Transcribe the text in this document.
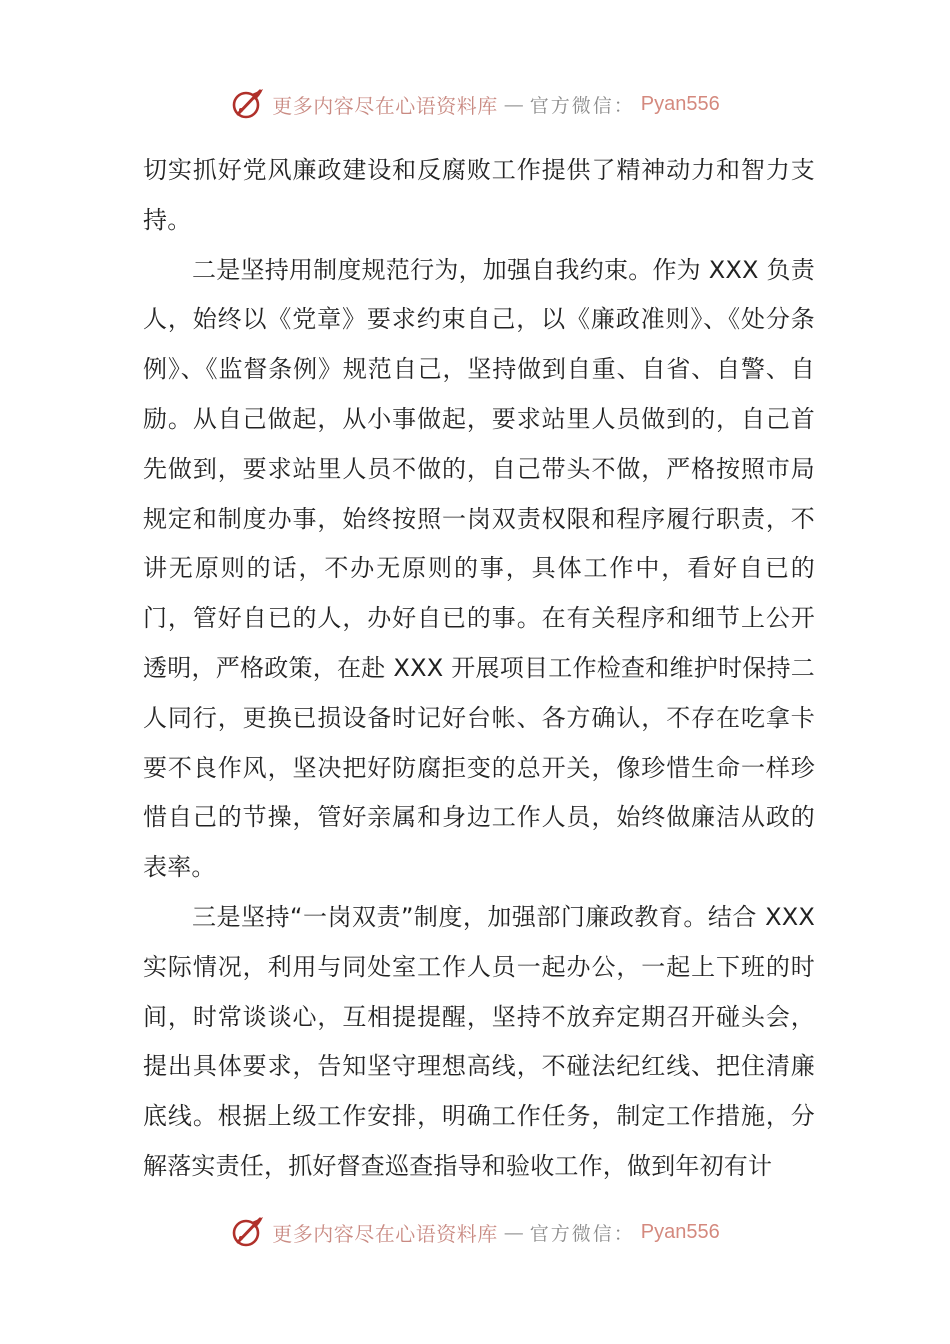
更多内容尽在心语资料库 — 官方微信： Pyan556

切实抓好党风廉政建设和反腐败工作提供了精神动力和智力支持。

二是坚持用制度规范行为，加强自我约束。作为 XXX 负责人，始终以《党章》要求约束自己，以《廉政准则》、《处分条例》、《监督条例》规范自己，坚持做到自重、自省、自警、自励。从自己做起，从小事做起，要求站里人员做到的，自己首先做到，要求站里人员不做的，自己带头不做，严格按照市局规定和制度办事，始终按照一岗双责权限和程序履行职责，不讲无原则的话，不办无原则的事，具体工作中，看好自已的门，管好自已的人，办好自已的事。在有关程序和细节上公开透明，严格政策，在赴 XXX 开展项目工作检查和维护时保持二人同行，更换已损设备时记好台帐、各方确认，不存在吃拿卡要不良作风，坚决把好防腐拒变的总开关，像珍惜生命一样珍惜自己的节操，管好亲属和身边工作人员，始终做廉洁从政的表率。

三是坚持“一岗双责”制度，加强部门廉政教育。结合 XXX 实际情况，利用与同处室工作人员一起办公，一起上下班的时间，时常谈谈心，互相提提醒，坚持不放弃定期召开碰头会，提出具体要求，告知坚守理想高线，不碰法纪红线、把住清廉底线。根据上级工作安排，明确工作任务，制定工作措施，分解落实责任，抓好督查巡查指导和验收工作，做到年初有计

更多内容尽在心语资料库 — 官方微信： Pyan556
